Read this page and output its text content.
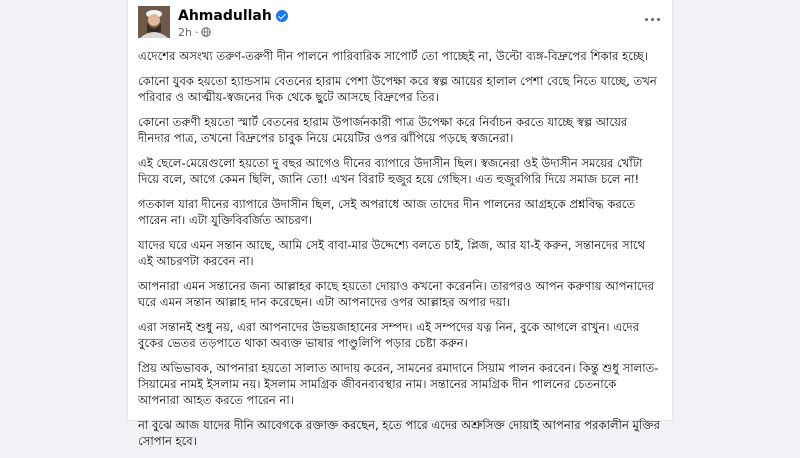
Ahmadullah
2h ·

এদেশের অসংখ্য তরুণ-তরুণী দীন পালনে পারিবারিক সাপোর্ট তো পাচ্ছেই না, উল্টো ব্যঙ্গ-বিদ্রুপের শিকার হচ্ছে।

কোনো যুবক হয়তো হ্যান্ডসাম বেতনের হারাম পেশা উপেক্ষা করে স্বল্প আয়ের হালাল পেশা বেছে নিতে যাচ্ছে, তখন পরিবার ও আত্মীয়-স্বজনের দিক থেকে ছুটে আসছে বিদ্রুপের তির।

কোনো তরুণী হয়তো স্মার্ট বেতনের হারাম উপার্জনকারী পাত্র উপেক্ষা করে নির্বাচন করতে যাচ্ছে স্বল্প আয়ের দীনদার পাত্র, তখনো বিদ্রুপের চাবুক নিয়ে মেয়েটির ওপর ঝাঁপিয়ে পড়ছে স্বজনেরা।

এই ছেলে-মেয়েগুলো হয়তো দু বছর আগেও দীনের ব্যাপারে উদাসীন ছিল। স্বজনেরা ওই উদাসীন সময়ের খোঁটা দিয়ে বলে, আগে কেমন ছিলি, জানি তো! এখন বিরাট হুজুর হয়ে গেছিস। এত হুজুরগিরি দিয়ে সমাজ চলে না!

গতকাল যারা দীনের ব্যাপারে উদাসীন ছিল, সেই অপরাধে আজ তাদের দীন পালনের আগ্রহকে প্রশ্নবিদ্ধ করতে পারেন না। এটা যুক্তিবিবর্জিত আচরণ।

যাদের ঘরে এমন সন্তান আছে, আমি সেই বাবা-মার উদ্দেশ্যে বলতে চাই, প্লিজ, আর যা-ই করুন, সন্তানদের সাথে এই আচরণটা করবেন না।

আপনারা এমন সন্তানের জন্য আল্লাহর কাছে হয়তো দোয়াও কখনো করেননি। তারপরও আপন করুণায় আপনাদের ঘরে এমন সন্তান আল্লাহ দান করেছেন। এটা আপনাদের ওপর আল্লাহর অপার দয়া।

এরা সন্তানই শুধু নয়, এরা আপনাদের উভয়জাহানের সম্পদ। এই সম্পদের যত্ন নিন, বুকে আগলে রাখুন। এদের বুকের ভেতর তড়পাতে থাকা অব্যক্ত ভাষার পাণ্ডুলিপি পড়ার চেষ্টা করুন।

প্রিয় অভিভাবক, আপনারা হয়তো সালাত আদায় করেন, সামনের রমাদানে সিয়াম পালন করবেন। কিন্তু শুধু সালাত-সিয়ামের নামই ইসলাম নয়। ইসলাম সামগ্রিক জীবনব্যবস্থার নাম। সন্তানের সামগ্রিক দীন পালনের চেতনাকে আপনারা আহত করতে পারেন না।

না বুঝে আজ যাদের দীনি আবেগকে রক্তাক্ত করছেন, হতে পারে এদের অশ্রুসিক্ত দোয়াই আপনার পরকালীন মুক্তির সোপান হবে।
